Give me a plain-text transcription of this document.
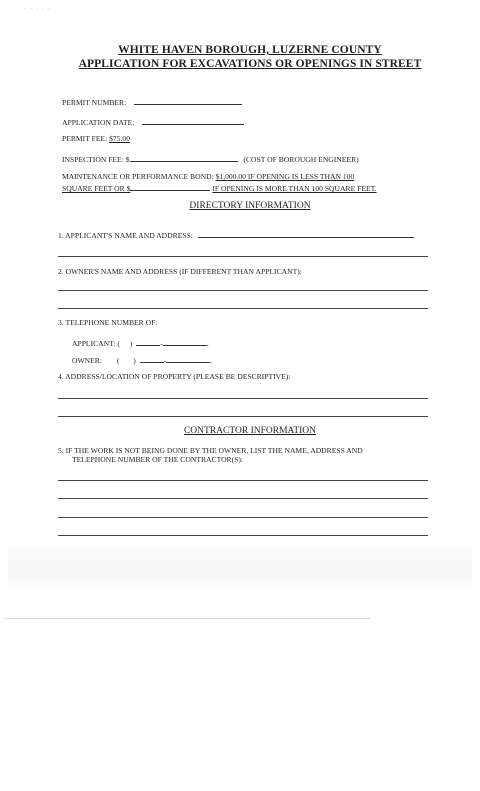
WHITE HAVEN BOROUGH, LUZERNE COUNTY
APPLICATION FOR EXCAVATIONS OR OPENINGS IN STREET
PERMIT NUMBER:
APPLICATION DATE:
PERMIT FEE: $75.00
INSPECTION FEE: $	(COST OF BOROUGH ENGINEER)
MAINTENANCE OR PERFORMANCE BOND: $1,000.00 IF OPENING IS LESS THAN 100
SQUARE FEET OR $	IF OPENING IS MORE THAN 100 SQUARE FEET.
DIRECTORY INFORMATION
1. APPLICANT'S NAME AND ADDRESS:
2. OWNER'S NAME AND ADDRESS (IF DIFFERENT THAN APPLICANT):
3. TELEPHONE NUMBER OF:
APPLICANT: ( )	-	.
OWNER: ( )	-	.
4. ADDRESS/LOCATION OF PROPERTY (PLEASE BE DESCRIPTIVE):
CONTRACTOR INFORMATION
5. IF THE WORK IS NOT BEING DONE BY THE OWNER, LIST THE NAME, ADDRESS AND
TELEPHONE NUMBER OF THE CONTRACTOR(S):
